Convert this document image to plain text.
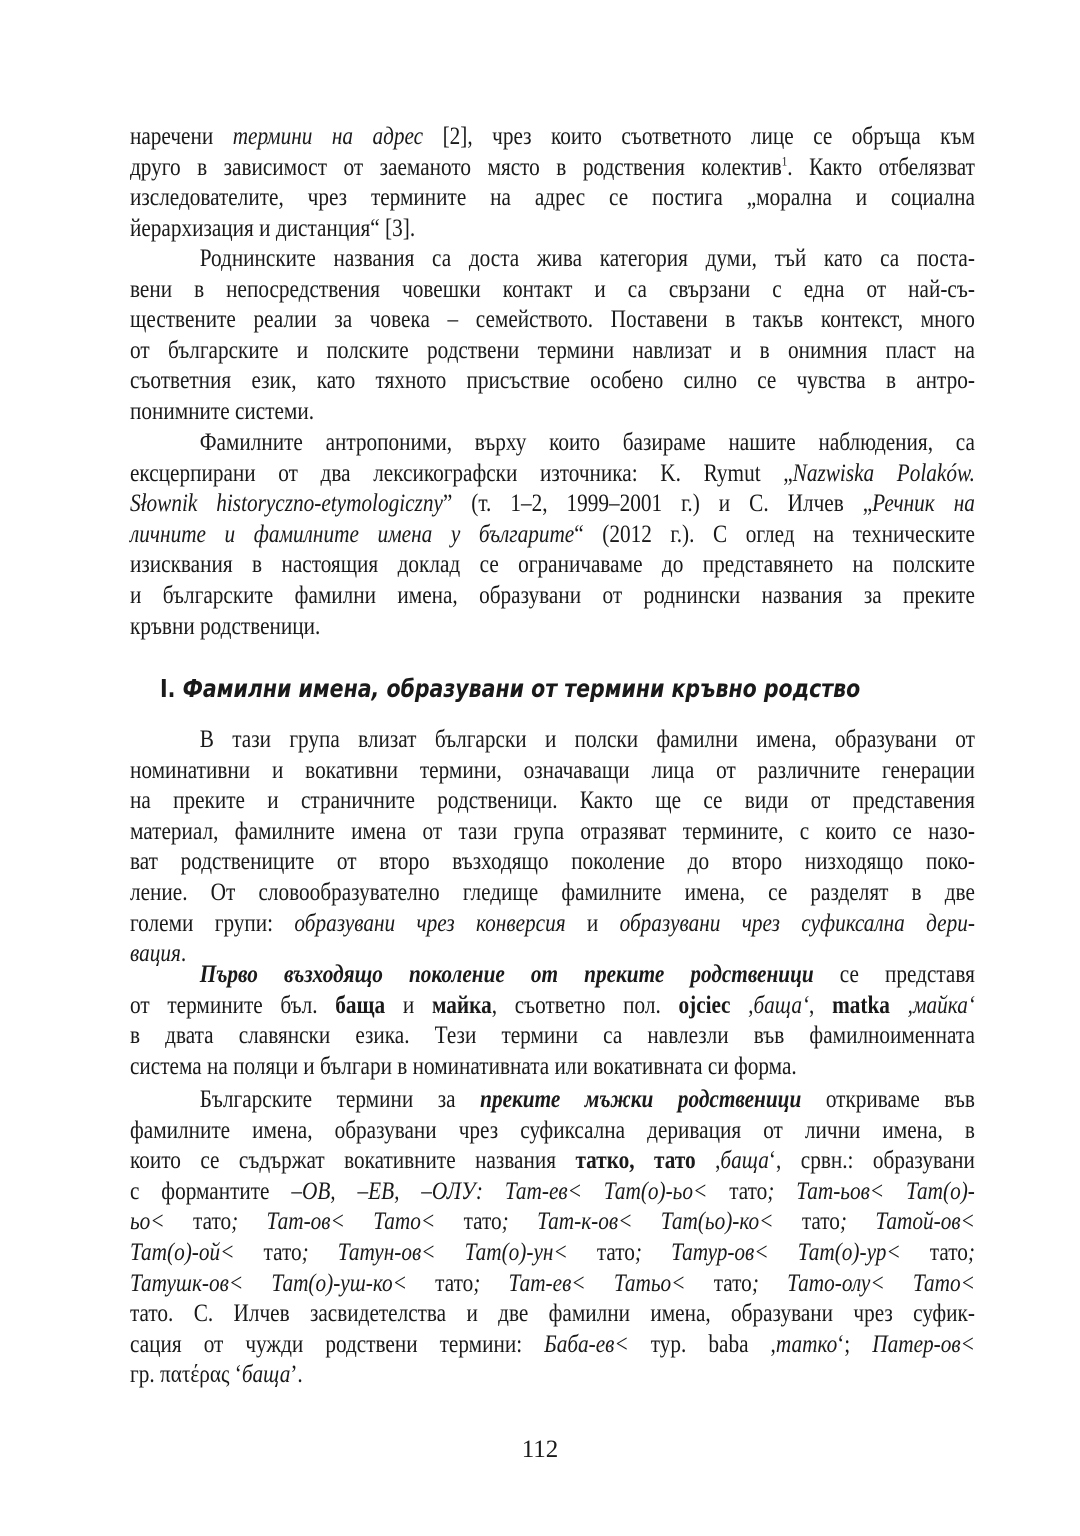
наречени термини на адрес [2], чрез които съответното лице се обръща към
друго в зависимост от заеманото място в родствения колектив$^1$. Както отбелязват
изследователите, чрез термините на адрес се постига „морална и социална
йерархизация и дистанция“ [3].
Роднинските названия са доста жива категория думи, тъй като са поста-
вени в непосредствения човешки контакт и са свързани с една от най-съ-
ществените реалии за човека – семейството. Поставени в такъв контекст, много
от българските и полските родствени термини навлизат и в онимния пласт на
съответния език, като тяхното присъствие особено силно се чувства в антро-
понимните системи.
Фамилните антропоними, върху които базираме нашите наблюдения, са
ексцерпирани от два лексикографски източника: K. Rymut „Nazwiska Polaków.
Słownik historyczno-etymologiczny” (т. 1–2, 1999–2001 г.) и С. Илчев „Речник на
личните и фамилните имена у българите“ (2012 г.). С оглед на техническите
изисквания в настоящия доклад се ограничаваме до представянето на полските
и българските фамилни имена, образувани от роднински названия за преките
кръвни родственици.
I. Фамилни имена, образувани от термини кръвно родство
В тази група влизат български и полски фамилни имена, образувани от
номинативни и вокативни термини, означаващи лица от различните генерации
на преките и страничните родственици. Както ще се види от представения
материал, фамилните имена от тази група отразяват термините, с които се назо-
ват родствениците от второ възходящо поколение до второ низходящо поко-
ление. От словообразувателно гледище фамилните имена, се разделят в две
големи групи: образувани чрез конверсия и образувани чрез суфиксална дери-
вация.
Първо възходящо поколение от преките родственици се представя
от термините бъл. баща и майка, съответно пол. ojciec ,баща‘, matka ,майка‘
в двата славянски езика. Тези термини са навлезли във фамилноименната
система на поляци и българи в номинативната или вокативната си форма.
Българските термини за преките мъжки родственици откриваме във
фамилните имена, образувани чрез суфиксална деривация от лични имена, в
които се съдържат вокативните названия татко, тато ,баща‘, срвн.: образувани
с формантите –ОВ, –ЕВ, –ОЛУ: Тат-ев< Тат(о)-ьо< тато; Тат-ьов< Тат(о)-
ьо< тато; Тат-ов< Тато< тато; Тат-к-ов< Тат(ьо)-ко< тато; Татой-ов<
Тат(о)-ой< тато; Татун-ов< Тат(о)-ун< тато; Татур-ов< Тат(о)-ур< тато;
Татушк-ов< Тат(о)-уш-ко< тато; Тат-ев< Татьо< тато; Тато-олу< Тато<
тато. С. Илчев засвидетелства и две фамилни имена, образувани чрез суфик-
сация от чужди родствени термини: Баба-ев< тур. baba ,татко‘; Патер-ов<
гр. πατέρας ‘баща’.
112
